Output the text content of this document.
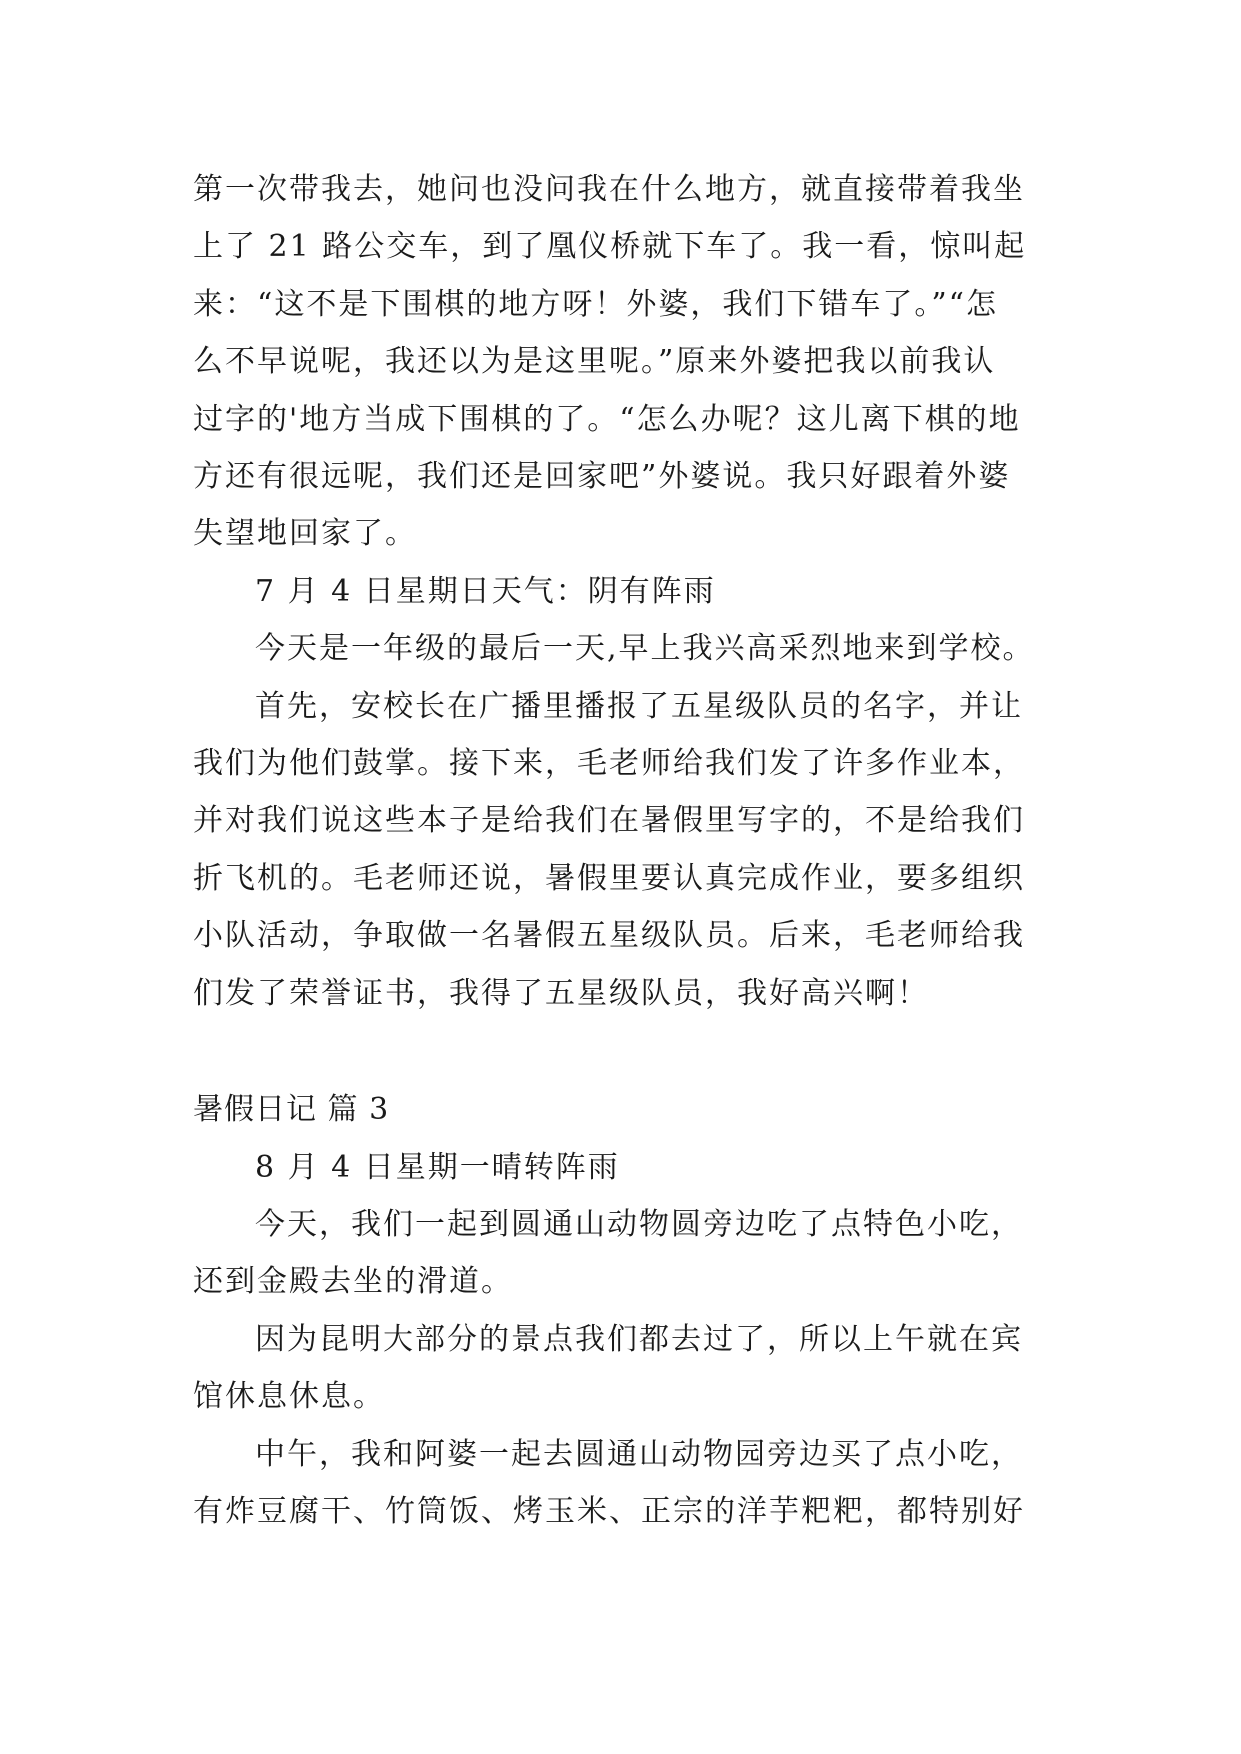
第一次带我去，她问也没问我在什么地方，就直接带着我坐
上了 21 路公交车，到了凰仪桥就下车了。我一看，惊叫起
来：“这不是下围棋的地方呀！外婆，我们下错车了。”“怎
么不早说呢，我还以为是这里呢。”原来外婆把我以前我认
过字的'地方当成下围棋的了。“怎么办呢？这儿离下棋的地
方还有很远呢，我们还是回家吧”外婆说。我只好跟着外婆
失望地回家了。
7 月 4 日星期日天气：阴有阵雨
今天是一年级的最后一天,早上我兴高采烈地来到学校。
首先，安校长在广播里播报了五星级队员的名字，并让
我们为他们鼓掌。接下来，毛老师给我们发了许多作业本，
并对我们说这些本子是给我们在暑假里写字的，不是给我们
折飞机的。毛老师还说，暑假里要认真完成作业，要多组织
小队活动，争取做一名暑假五星级队员。后来，毛老师给我
们发了荣誉证书，我得了五星级队员，我好高兴啊！
暑假日记 篇 3
8 月 4 日星期一晴转阵雨
今天，我们一起到圆通山动物圆旁边吃了点特色小吃，
还到金殿去坐的滑道。
因为昆明大部分的景点我们都去过了，所以上午就在宾
馆休息休息。
中午，我和阿婆一起去圆通山动物园旁边买了点小吃，
有炸豆腐干、竹筒饭、烤玉米、正宗的洋芋粑粑，都特别好
